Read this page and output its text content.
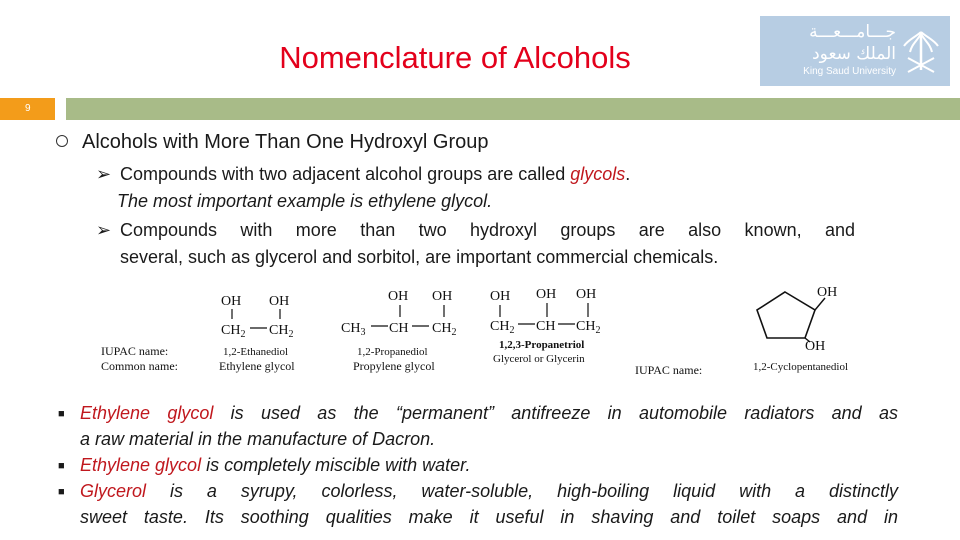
Nomenclature of Alcohols
جـــامـــعـــة
الملك سعود
King Saud University
9
Alcohols with More Than One Hydroxyl Group
➢ Compounds with two adjacent alcohol groups are called glycols.
The most important example is ethylene glycol.
➢ Compounds with more than two hydroxyl groups are also known, and
several, such as glycerol and sorbitol, are important commercial chemicals.
IUPAC name:
Common name:
OH OH
$CH_2$ $CH_2$
1,2-Ethanediol
Ethylene glycol
OH OH
$CH_3$ CH $CH_2$
1,2-Propanediol
Propylene glycol
OH OH OH
$CH_2$ CH $CH_2$
1,2,3-Propanetriol
Glycerol or Glycerin
OH
OH
IUPAC name:	1,2-Cyclopentanediol
■ Ethylene glycol is used as the “permanent” antifreeze in automobile radiators and as
a raw material in the manufacture of Dacron.
■ Ethylene glycol is completely miscible with water.
■ Glycerol is a syrupy, colorless, water-soluble, high-boiling liquid with a distinctly
sweet taste. Its soothing qualities make it useful in shaving and toilet soaps and in
